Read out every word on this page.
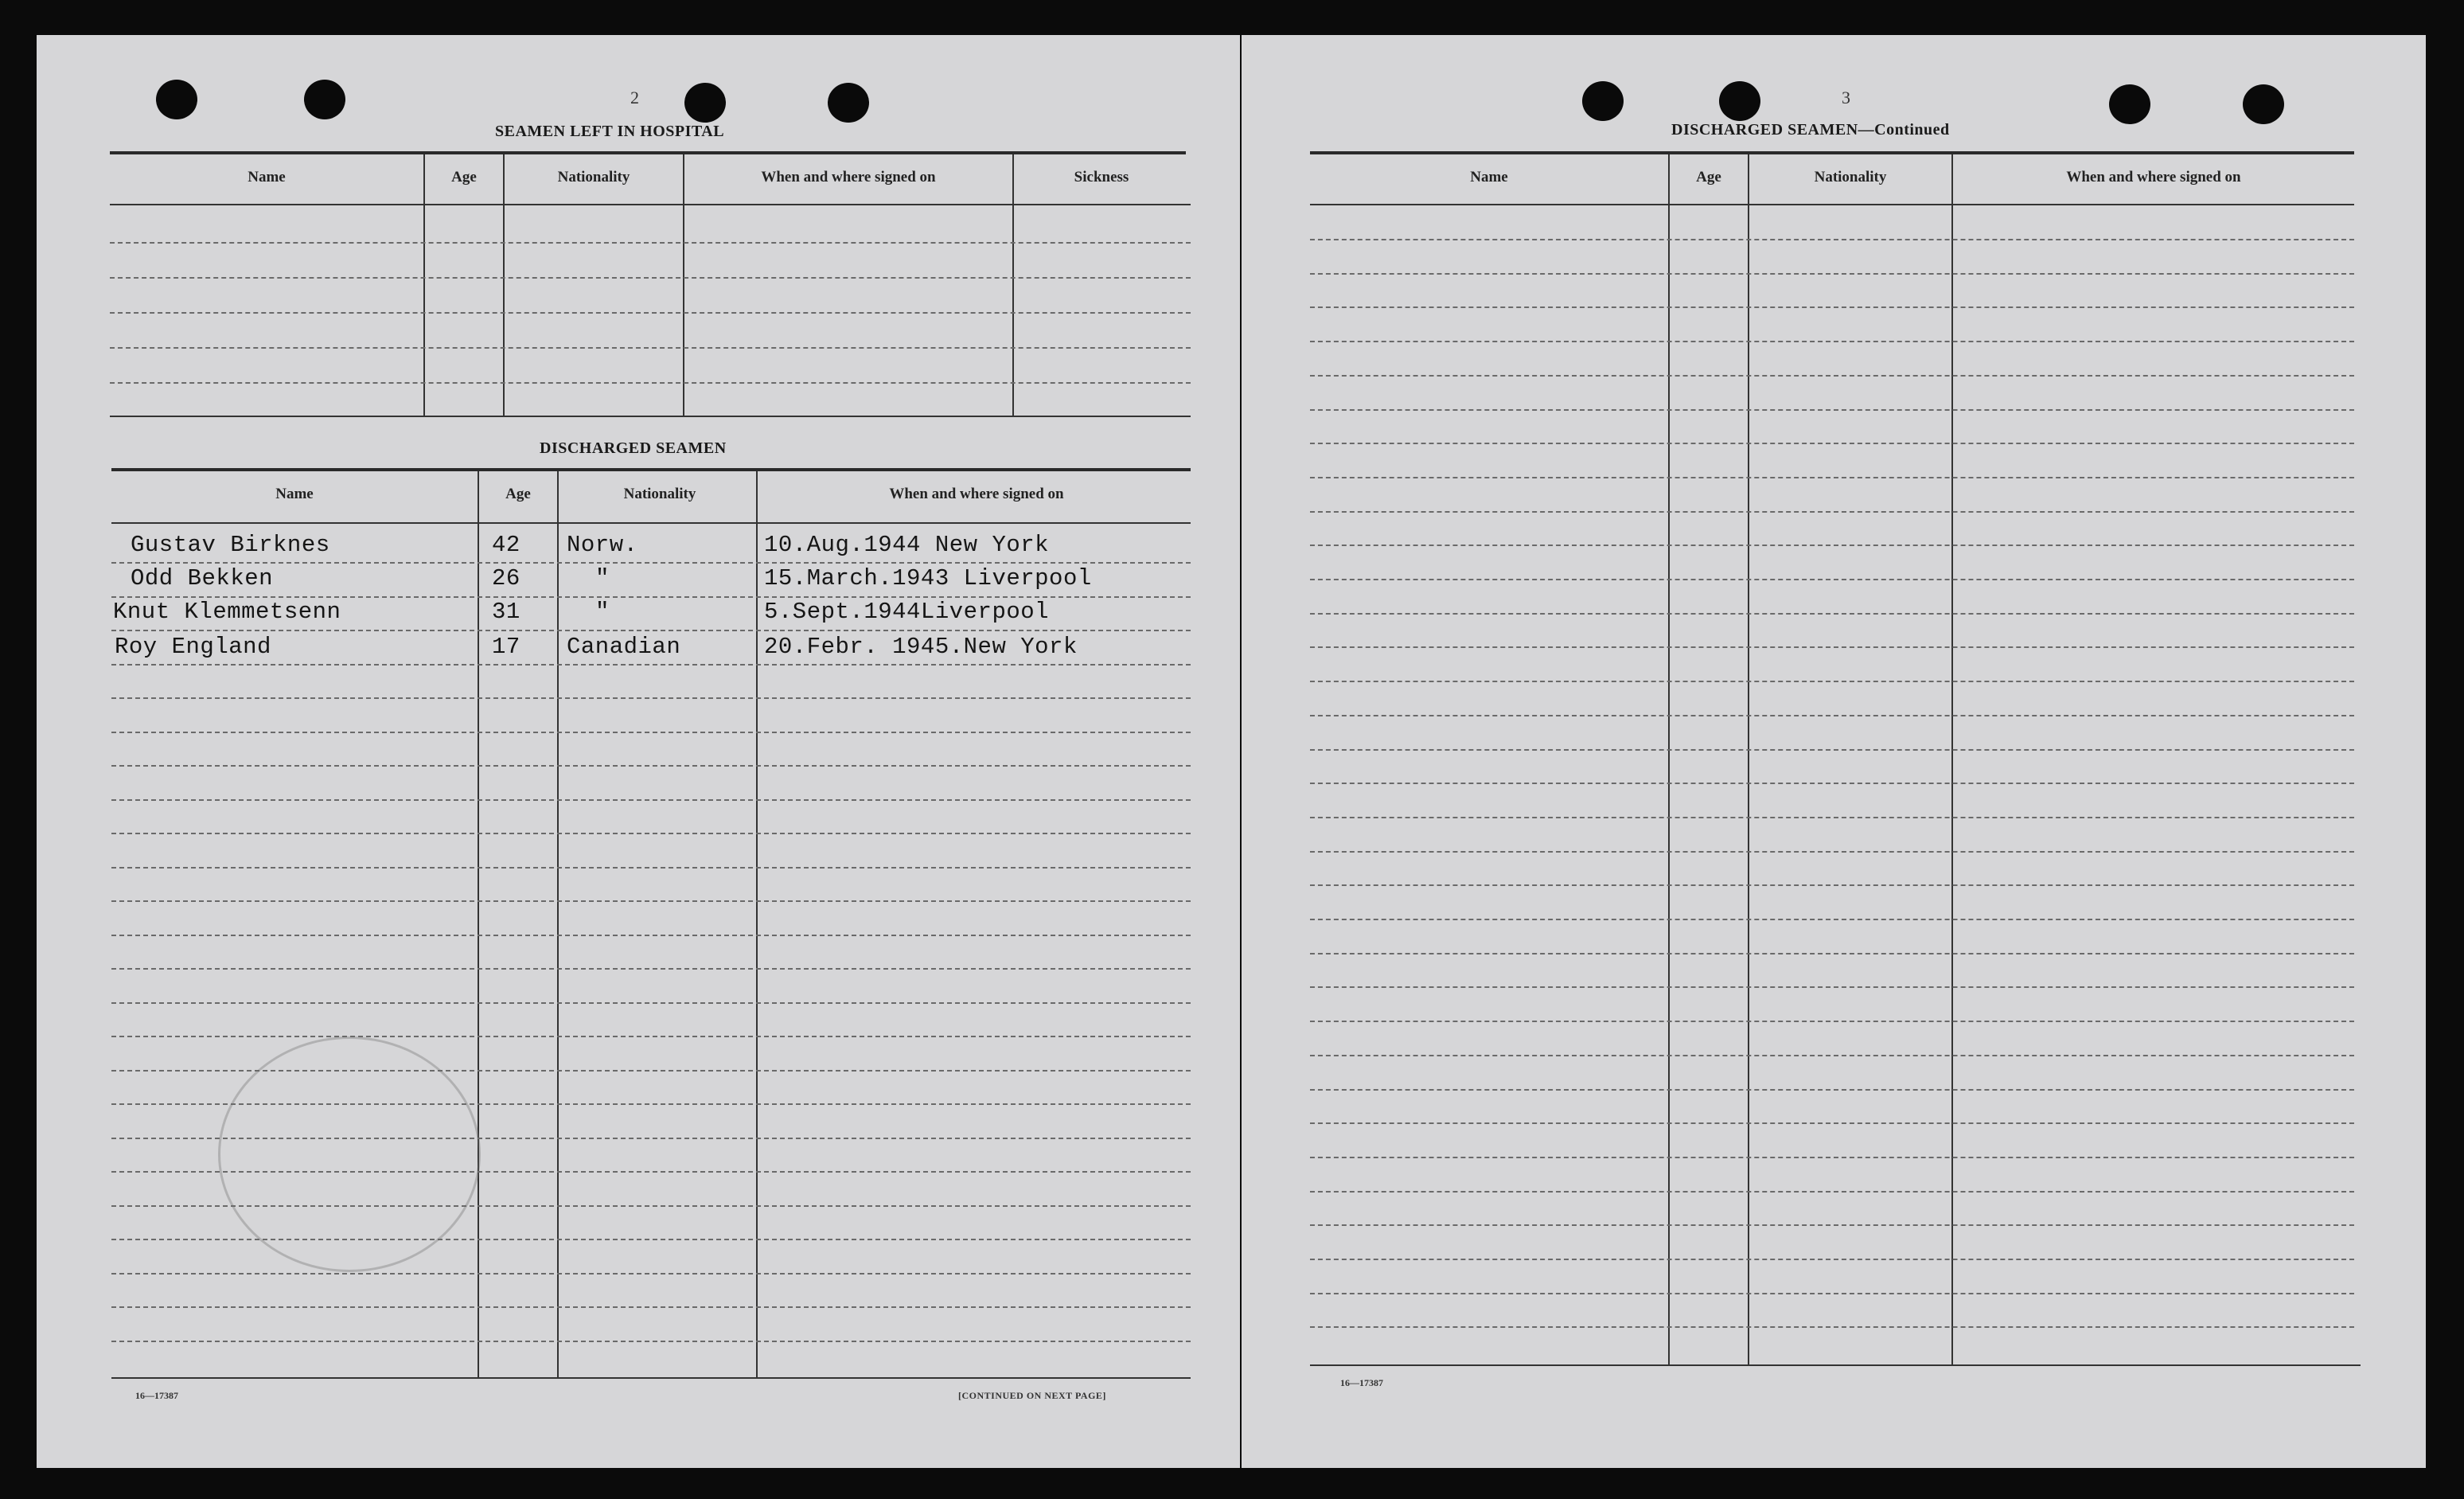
2
SEAMEN LEFT IN HOSPITAL
Name	Age	Nationality	When and where signed on	Sickness
DISCHARGED SEAMEN
Name	Age	Nationality	When and where signed on
Gustav Birknes	42 Norw.	10.Aug.1944 New York
Odd Bekken	26	"	15.March.1943 Liverpool
Knut Klemmetsenn	31	"	5.Sept.1944Liverpool
Roy England	17 Canadian	20.Febr. 1945.New York
16—17387	[CONTINUED ON NEXT PAGE]
3
DISCHARGED SEAMEN—Continued
Name	Age	Nationality	When and where signed on
16—17387
